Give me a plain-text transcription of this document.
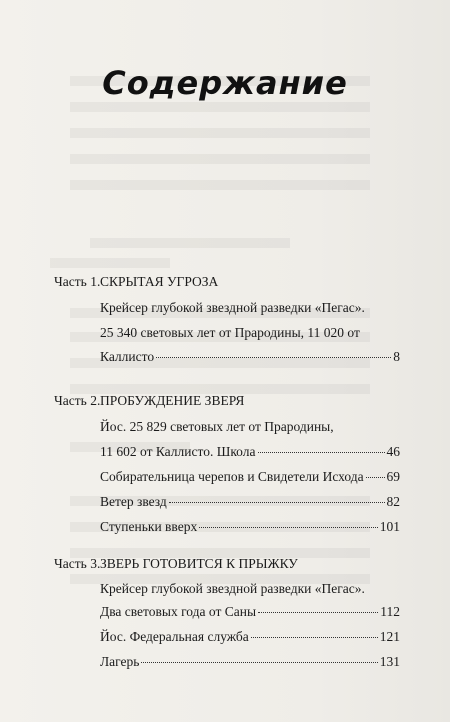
Содержание
Часть 1.СКРЫТАЯ УГРОЗА
Крейсер глубокой звездной разведки «Пегас».
25 340 световых лет от Прародины, 11 020 от
Каллисто	8
Часть 2.ПРОБУЖДЕНИЕ ЗВЕРЯ
Йос. 25 829 световых лет от Прародины,
11 602 от Каллисто. Школа	46
Собирательница черепов и Свидетели Исхода 69
Ветер звезд	82
Ступеньки вверх	101
Часть 3.ЗВЕРЬ ГОТОВИТСЯ К ПРЫЖКУ
Крейсер глубокой звездной разведки «Пегас».
Два световых года от Саны	112
Йос. Федеральная служба	121
Лагерь	131
